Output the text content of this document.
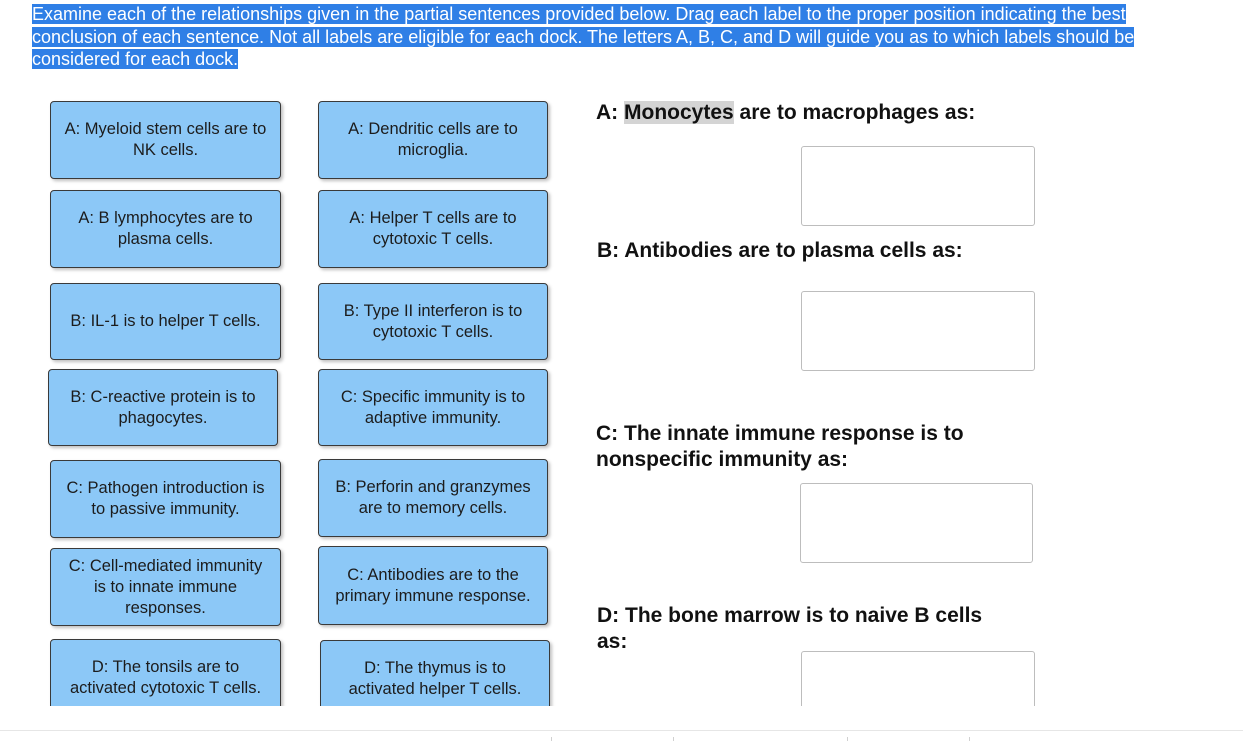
Examine each of the relationships given in the partial sentences provided below. Drag each label to the proper position indicating the best conclusion of each sentence. Not all labels are eligible for each dock. The letters A, B, C, and D will guide you as to which labels should be considered for each dock.
A: Myeloid stem cells are to NK cells.
A: B lymphocytes are to plasma cells.
B: IL-1 is to helper T cells.
B: C-reactive protein is to phagocytes.
C: Pathogen introduction is to passive immunity.
C: Cell-mediated immunity is to innate immune responses.
D: The tonsils are to activated cytotoxic T cells.
A: Dendritic cells are to microglia.
A: Helper T cells are to cytotoxic T cells.
B: Type II interferon is to cytotoxic T cells.
C: Specific immunity is to adaptive immunity.
B: Perforin and granzymes are to memory cells.
C: Antibodies are to the primary immune response.
D: The thymus is to activated helper T cells.
A: Monocytes are to macrophages as:
B: Antibodies are to plasma cells as:
C: The innate immune response is to
nonspecific immunity as:
D: The bone marrow is to naive B cells
as:
